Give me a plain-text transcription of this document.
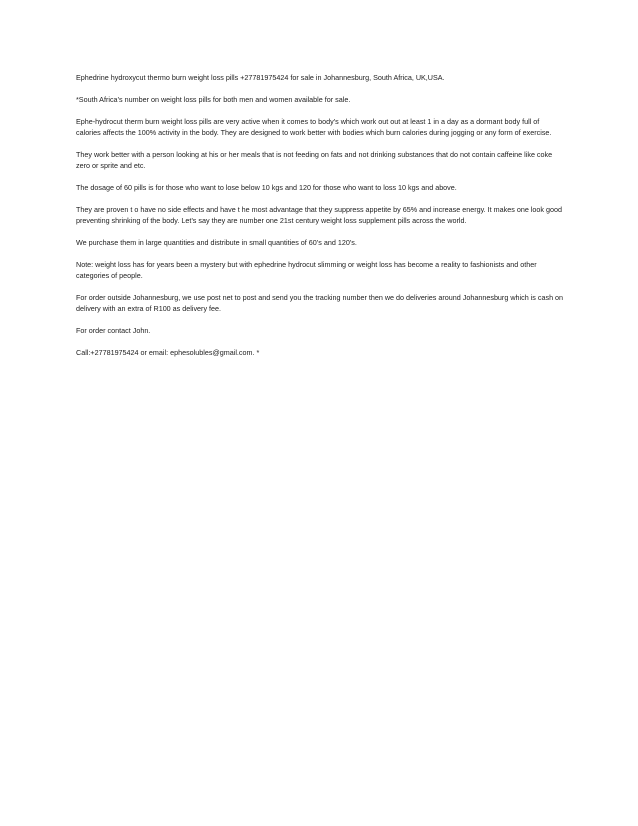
Ephedrine hydroxycut thermo burn weight loss pills +27781975424 for sale in Johannesburg, South Africa, UK,USA.

*South Africa’s number on weight loss pills for both men and women available for sale.

Ephe-hydrocut therm burn weight loss pills are very active when it comes to body’s which work out out at least 1 in a day as a dormant body full of calories affects the 100% activity in the body. They are designed to work better with bodies which burn calories during jogging or any form of exercise.

They work better with a person looking at his or her meals that is not feeding on fats and not drinking substances that do not contain caffeine like coke zero or sprite and etc.

The dosage of 60 pills is for those who want to lose below 10 kgs and 120 for those who want to loss 10 kgs and above.

They are proven t o have no side effects and have t he most advantage that they suppress appetite by 65% and increase energy. It makes one look good preventing shrinking of the body. Let’s say they are number one 21st century weight loss supplement pills across the world.

We purchase them in large quantities and distribute in small quantities of 60’s and 120’s.

Note: weight loss has for years been a mystery but with ephedrine hydrocut slimming or weight loss has become a reality to fashionists and other categories of people.

For order outside Johannesburg, we use post net to post and send you the tracking number then we do deliveries around Johannesburg which is cash on delivery with an extra of R100 as delivery fee.

For order contact John.

Call:+27781975424 or email: ephesolubles@gmail.com. *
